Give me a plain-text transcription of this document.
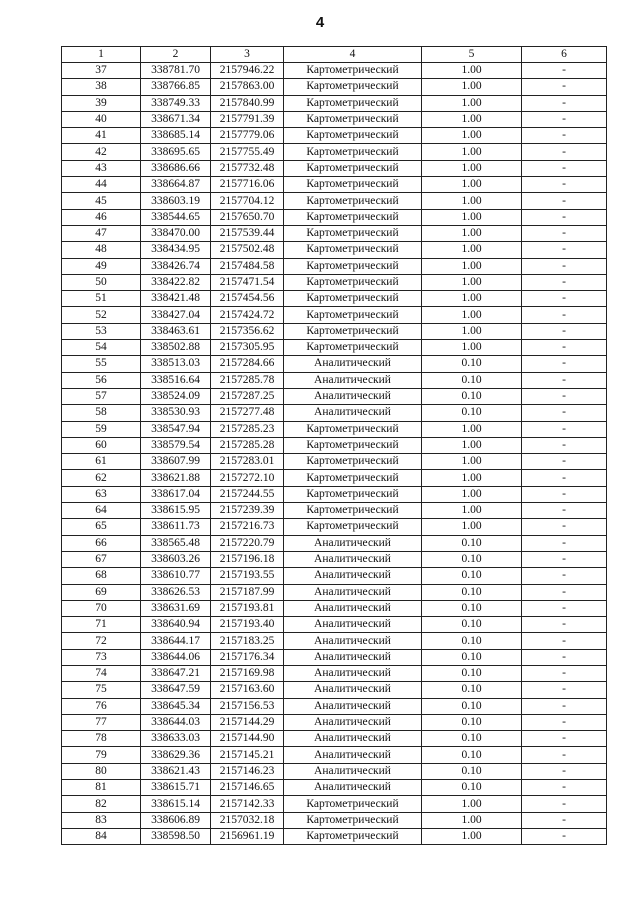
4
1	2	3	4	5	6
37	338781.70	2157946.22	Картометрический	1.00	-
38	338766.85	2157863.00	Картометрический	1.00	-
39	338749.33	2157840.99	Картометрический	1.00	-
40	338671.34	2157791.39	Картометрический	1.00	-
41	338685.14	2157779.06	Картометрический	1.00	-
42	338695.65	2157755.49	Картометрический	1.00	-
43	338686.66	2157732.48	Картометрический	1.00	-
44	338664.87	2157716.06	Картометрический	1.00	-
45	338603.19	2157704.12	Картометрический	1.00	-
46	338544.65	2157650.70	Картометрический	1.00	-
47	338470.00	2157539.44	Картометрический	1.00	-
48	338434.95	2157502.48	Картометрический	1.00	-
49	338426.74	2157484.58	Картометрический	1.00	-
50	338422.82	2157471.54	Картометрический	1.00	-
51	338421.48	2157454.56	Картометрический	1.00	-
52	338427.04	2157424.72	Картометрический	1.00	-
53	338463.61	2157356.62	Картометрический	1.00	-
54	338502.88	2157305.95	Картометрический	1.00	-
55	338513.03	2157284.66	Аналитический	0.10	-
56	338516.64	2157285.78	Аналитический	0.10	-
57	338524.09	2157287.25	Аналитический	0.10	-
58	338530.93	2157277.48	Аналитический	0.10	-
59	338547.94	2157285.23	Картометрический	1.00	-
60	338579.54	2157285.28	Картометрический	1.00	-
61	338607.99	2157283.01	Картометрический	1.00	-
62	338621.88	2157272.10	Картометрический	1.00	-
63	338617.04	2157244.55	Картометрический	1.00	-
64	338615.95	2157239.39	Картометрический	1.00	-
65	338611.73	2157216.73	Картометрический	1.00	-
66	338565.48	2157220.79	Аналитический	0.10	-
67	338603.26	2157196.18	Аналитический	0.10	-
68	338610.77	2157193.55	Аналитический	0.10	-
69	338626.53	2157187.99	Аналитический	0.10	-
70	338631.69	2157193.81	Аналитический	0.10	-
71	338640.94	2157193.40	Аналитический	0.10	-
72	338644.17	2157183.25	Аналитический	0.10	-
73	338644.06	2157176.34	Аналитический	0.10	-
74	338647.21	2157169.98	Аналитический	0.10	-
75	338647.59	2157163.60	Аналитический	0.10	-
76	338645.34	2157156.53	Аналитический	0.10	-
77	338644.03	2157144.29	Аналитический	0.10	-
78	338633.03	2157144.90	Аналитический	0.10	-
79	338629.36	2157145.21	Аналитический	0.10	-
80	338621.43	2157146.23	Аналитический	0.10	-
81	338615.71	2157146.65	Аналитический	0.10	-
82	338615.14	2157142.33	Картометрический	1.00	-
83	338606.89	2157032.18	Картометрический	1.00	-
84	338598.50	2156961.19	Картометрический	1.00	-
